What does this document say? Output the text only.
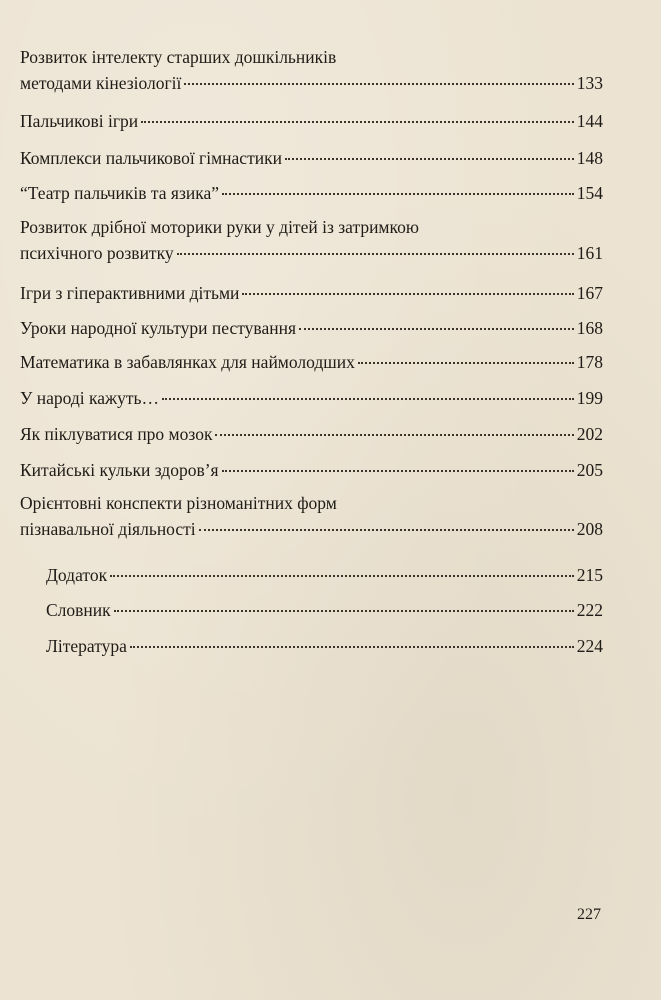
Розвиток інтелекту старших дошкільників
методами кінезіології	133
Пальчикові ігри	144
Комплекси пальчикової гімнастики	148
“Театр пальчиків та язика”	154
Розвиток дрібної моторики руки у дітей із затримкою
психічного розвитку	161
Ігри з гіперактивними дітьми	167
Уроки народної культури пестування	168
Математика в забавлянках для наймолодших	178
У народі кажуть…	199
Як піклуватися про мозок	202
Китайські кульки здоров’я	205
Орієнтовні конспекти різноманітних форм
пізнавальної діяльності	208
Додаток	215
Словник	222
Література	224
227
